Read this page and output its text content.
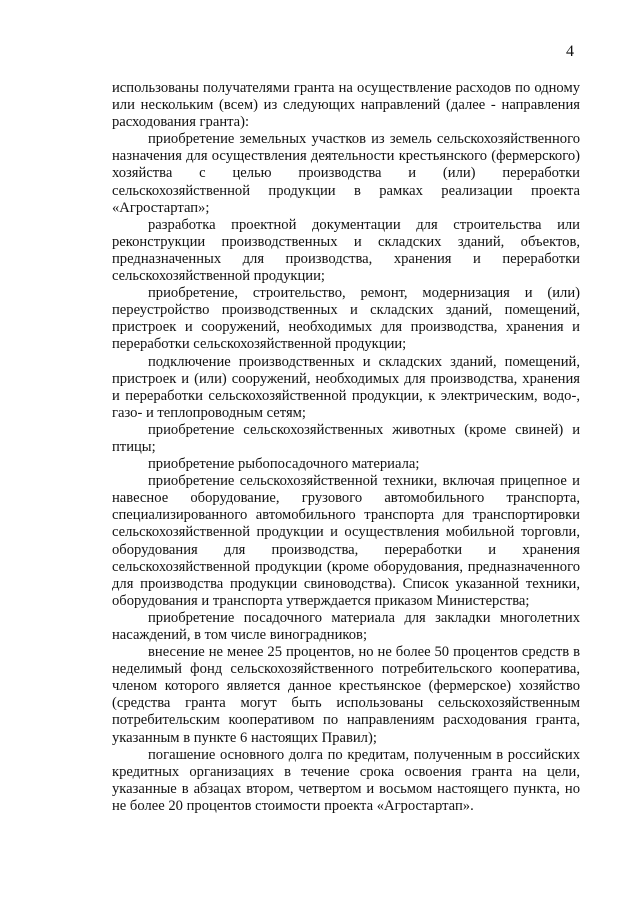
4

использованы получателями гранта на осуществление расходов по одному или нескольким (всем) из следующих направлений (далее - направления расходования гранта):

приобретение земельных участков из земель сельскохозяйственного назначения для осуществления деятельности крестьянского (фермерского) хозяйства с целью производства и (или) переработки сельскохозяйственной продукции в рамках реализации проекта «Агростартап»;

разработка проектной документации для строительства или реконструкции производственных и складских зданий, объектов, предназначенных для производства, хранения и переработки сельскохозяйственной продукции;

приобретение, строительство, ремонт, модернизация и (или) переустройство производственных и складских зданий, помещений, пристроек и сооружений, необходимых для производства, хранения и переработки сельскохозяйственной продукции;

подключение производственных и складских зданий, помещений, пристроек и (или) сооружений, необходимых для производства, хранения и переработки сельскохозяйственной продукции, к электрическим, водо-, газо- и теплопроводным сетям;

приобретение сельскохозяйственных животных (кроме свиней) и птицы;

приобретение рыбопосадочного материала;

приобретение сельскохозяйственной техники, включая прицепное и навесное оборудование, грузового автомобильного транспорта, специализированного автомобильного транспорта для транспортировки сельскохозяйственной продукции и осуществления мобильной торговли, оборудования для производства, переработки и хранения сельскохозяйственной продукции (кроме оборудования, предназначенного для производства продукции свиноводства). Список указанной техники, оборудования и транспорта утверждается приказом Министерства;

приобретение посадочного материала для закладки многолетних насаждений, в том числе виноградников;

внесение не менее 25 процентов, но не более 50 процентов средств в неделимый фонд сельскохозяйственного потребительского кооператива, членом которого является данное крестьянское (фермерское) хозяйство (средства гранта могут быть использованы сельскохозяйственным потребительским кооперативом по направлениям расходования гранта, указанным в пункте 6 настоящих Правил);

погашение основного долга по кредитам, полученным в российских кредитных организациях в течение срока освоения гранта на цели, указанные в абзацах втором, четвертом и восьмом настоящего пункта, но не более 20 процентов стоимости проекта «Агростартап».
